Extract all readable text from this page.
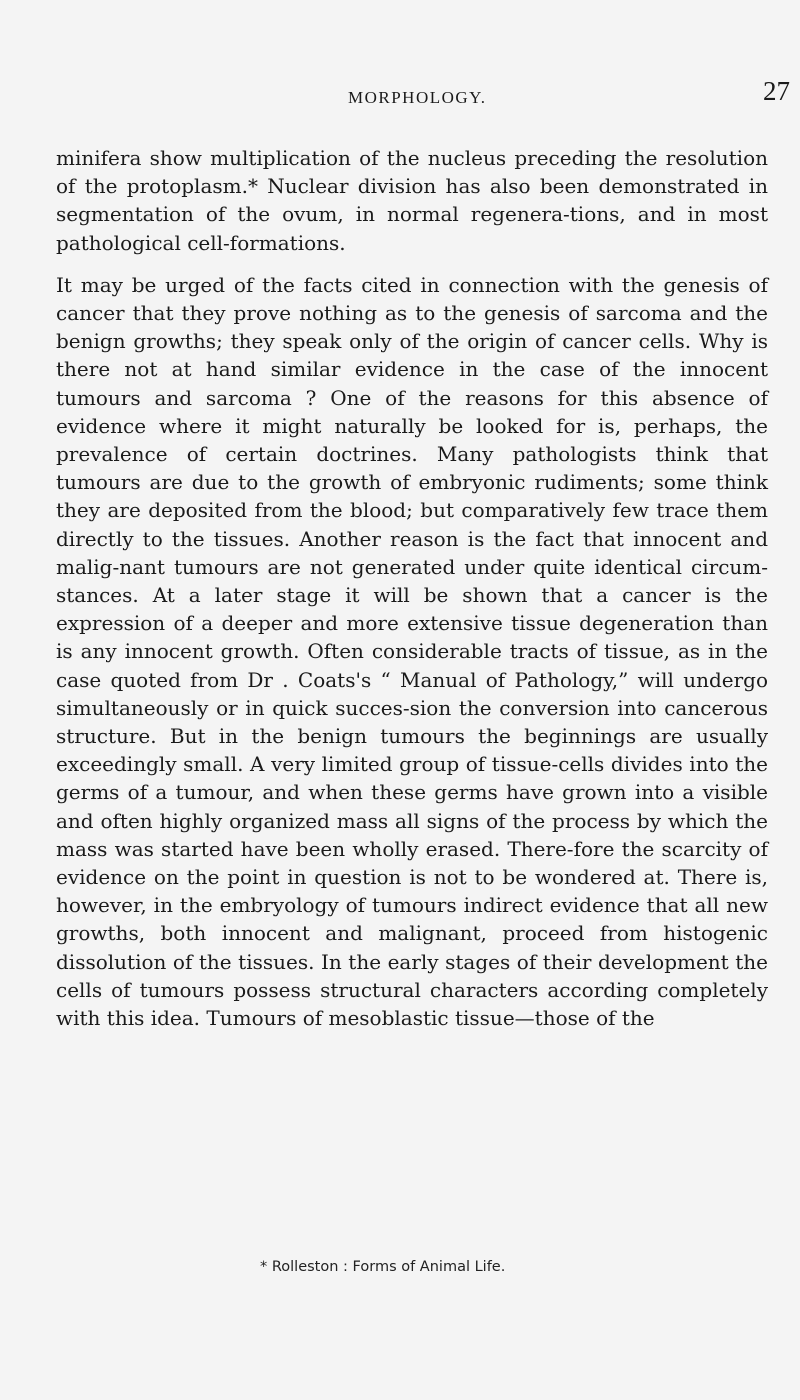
MORPHOLOGY.	27

minifera show multiplication of the nucleus preceding the resolution of the protoplasm.* Nuclear division has also been demonstrated in segmentation of the ovum, in normal regenera-tions, and in most pathological cell-formations.

It may be urged of the facts cited in connection with the genesis of cancer that they prove nothing as to the genesis of sarcoma and the benign growths; they speak only of the origin of cancer cells. Why is there not at hand similar evidence in the case of the innocent tumours and sarcoma ? One of the reasons for this absence of evidence where it might naturally be looked for is, perhaps, the prevalence of certain doctrines. Many pathologists think that tumours are due to the growth of embryonic rudiments; some think they are deposited from the blood; but comparatively few trace them directly to the tissues. Another reason is the fact that innocent and malig-nant tumours are not generated under quite identical circum-stances. At a later stage it will be shown that a cancer is the expression of a deeper and more extensive tissue degeneration than is any innocent growth. Often considerable tracts of tissue, as in the case quoted from Dr . Coats's “ Manual of Pathology,” will undergo simultaneously or in quick succes-sion the conversion into cancerous structure. But in the benign tumours the beginnings are usually exceedingly small. A very limited group of tissue-cells divides into the germs of a tumour, and when these germs have grown into a visible and often highly organized mass all signs of the process by which the mass was started have been wholly erased. There-fore the scarcity of evidence on the point in question is not to be wondered at. There is, however, in the embryology of tumours indirect evidence that all new growths, both innocent and malignant, proceed from histogenic dissolution of the tissues. In the early stages of their development the cells of tumours possess structural characters according completely with this idea. Tumours of mesoblastic tissue—those of the

* Rolleston : Forms of Animal Life.
